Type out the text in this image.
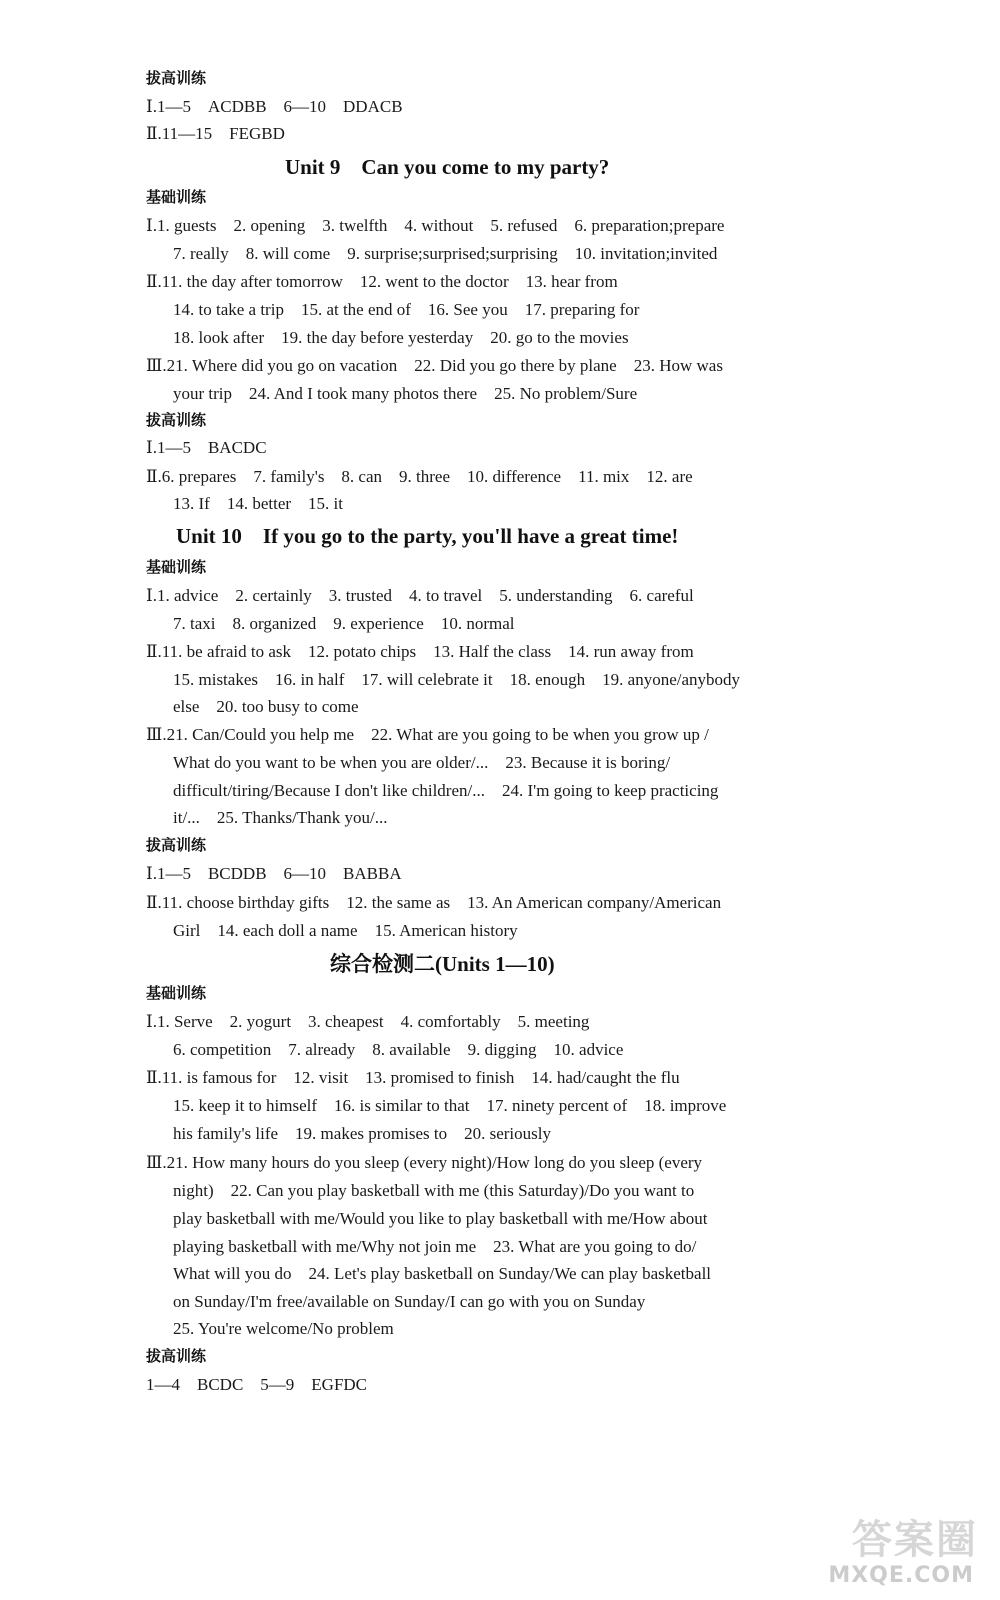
拔高训练
Ⅰ.1—5　ACDBB　6—10　DDACB
Ⅱ.11—15　FEGBD
Unit 9　Can you come to my party?
基础训练
Ⅰ.1. guests　2. opening　3. twelfth　4. without　5. refused　6. preparation;prepare
7. really　8. will come　9. surprise;surprised;surprising　10. invitation;invited
Ⅱ.11. the day after tomorrow　12. went to the doctor　13. hear from
14. to take a trip　15. at the end of　16. See you　17. preparing for
18. look after　19. the day before yesterday　20. go to the movies
Ⅲ.21. Where did you go on vacation　22. Did you go there by plane　23. How was
your trip　24. And I took many photos there　25. No problem/Sure
拔高训练
Ⅰ.1—5　BACDC
Ⅱ.6. prepares　7. family's　8. can　9. three　10. difference　11. mix　12. are
13. If　14. better　15. it
Unit 10　If you go to the party, you'll have a great time!
基础训练
Ⅰ.1. advice　2. certainly　3. trusted　4. to travel　5. understanding　6. careful
7. taxi　8. organized　9. experience　10. normal
Ⅱ.11. be afraid to ask　12. potato chips　13. Half the class　14. run away from
15. mistakes　16. in half　17. will celebrate it　18. enough　19. anyone/anybody
else　20. too busy to come
Ⅲ.21. Can/Could you help me　22. What are you going to be when you grow up /
What do you want to be when you are older/...　23. Because it is boring/
difficult/tiring/Because I don't like children/...　24. I'm going to keep practicing
it/...　25. Thanks/Thank you/...
拔高训练
Ⅰ.1—5　BCDDB　6—10　BABBA
Ⅱ.11. choose birthday gifts　12. the same as　13. An American company/American
Girl　14. each doll a name　15. American history
综合检测二(Units 1—10)
基础训练
Ⅰ.1. Serve　2. yogurt　3. cheapest　4. comfortably　5. meeting
6. competition　7. already　8. available　9. digging　10. advice
Ⅱ.11. is famous for　12. visit　13. promised to finish　14. had/caught the flu
15. keep it to himself　16. is similar to that　17. ninety percent of　18. improve
his family's life　19. makes promises to　20. seriously
Ⅲ.21. How many hours do you sleep (every night)/How long do you sleep (every
night)　22. Can you play basketball with me (this Saturday)/Do you want to
play basketball with me/Would you like to play basketball with me/How about
playing basketball with me/Why not join me　23. What are you going to do/
What will you do　24. Let's play basketball on Sunday/We can play basketball
on Sunday/I'm free/available on Sunday/I can go with you on Sunday
25. You're welcome/No problem
拔高训练
1—4　BCDC　5—9　EGFDC
答案圈
MXQE.COM
